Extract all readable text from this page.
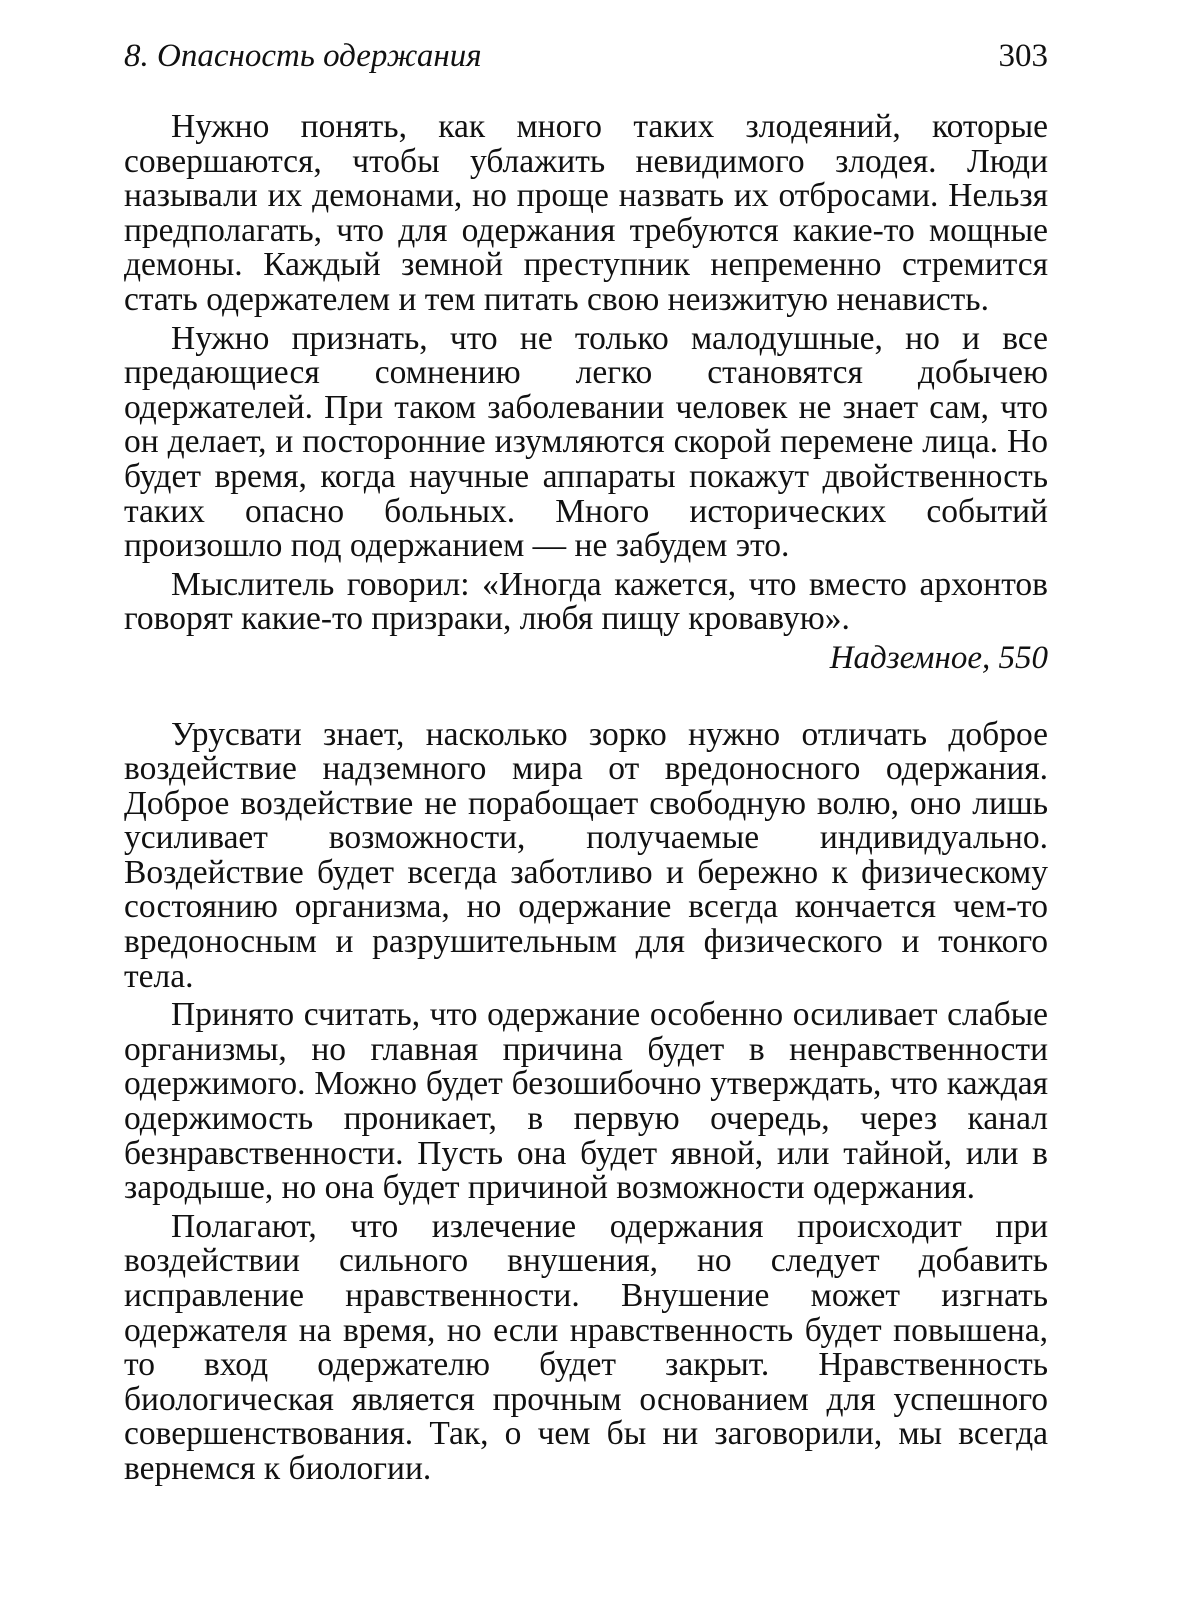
8. Опасность одержания	303

Нужно понять, как много таких злодеяний, которые совершаются, чтобы ублажить невидимого злодея. Люди называли их демонами, но проще назвать их отбросами. Нельзя предполагать, что для одержания требуются какие-то мощные демоны. Каждый земной преступник непременно стремится стать одержателем и тем питать свою неизжитую ненависть.

Нужно признать, что не только малодушные, но и все предающиеся сомнению легко становятся добычею одержателей. При таком заболевании человек не знает сам, что он делает, и посторонние изумляются скорой перемене лица. Но будет время, когда научные аппараты покажут двойственность таких опасно больных. Много исторических событий произошло под одержанием — не забудем это.

Мыслитель говорил: «Иногда кажется, что вместо архонтов говорят какие-то призраки, любя пищу кровавую».

Надземное, 550

Урусвати знает, насколько зорко нужно отличать доброе воздействие надземного мира от вредоносного одержания. Доброе воздействие не порабощает свободную волю, оно лишь усиливает возможности, получаемые индивидуально. Воздействие будет всегда заботливо и бережно к физическому состоянию организма, но одержание всегда кончается чем-то вредоносным и разрушительным для физического и тонкого тела.

Принято считать, что одержание особенно осиливает слабые организмы, но главная причина будет в ненравственности одержимого. Можно будет безошибочно утверждать, что каждая одержимость проникает, в первую очередь, через канал безнравственности. Пусть она будет явной, или тайной, или в зародыше, но она будет причиной возможности одержания.

Полагают, что излечение одержания происходит при воздействии сильного внушения, но следует добавить исправление нравственности. Внушение может изгнать одержателя на время, но если нравственность будет повышена, то вход одержателю будет закрыт. Нравственность биологическая является прочным основанием для успешного совершенствования. Так, о чем бы ни заговорили, мы всегда вернемся к биологии.
